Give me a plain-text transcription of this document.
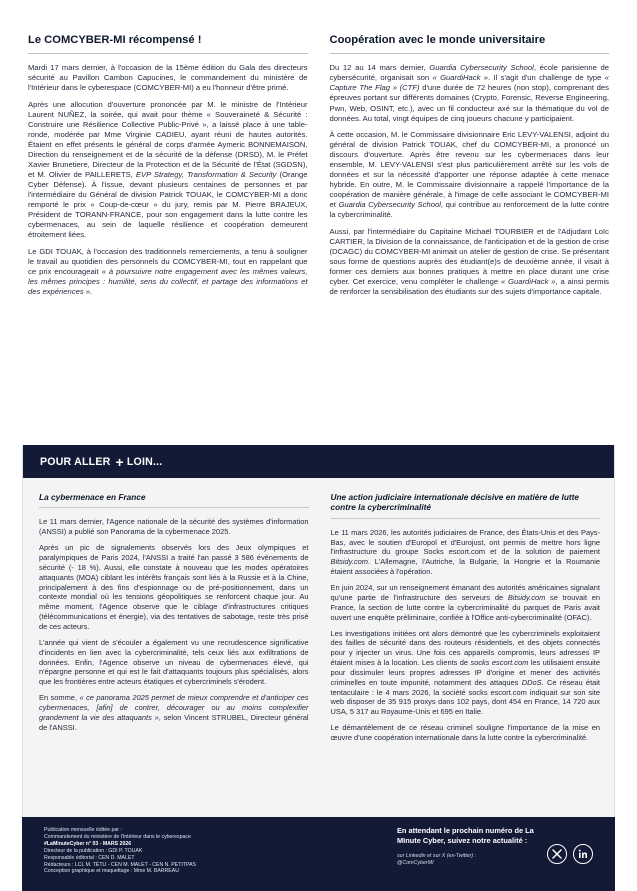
Le COMCYBER-MI récompensé !

Mardi 17 mars dernier, à l'occasion de la 15ème édition du Gala des directeurs sécurité au Pavillon Cambon Capucines, le commandement du ministère de l'Intérieur dans le cyberespace (COMCYBER-MI) a eu l'honneur d'être primé.

Après une allocution d'ouverture prononcée par M. le ministre de l'Intérieur Laurent NUÑEZ, la soirée, qui avait pour thème « Souveraineté & Sécurité : Construire une Résilience Collective Public-Privé », a laissé place à une table-ronde, modérée par Mme Virginie CADIEU, ayant réuni de hautes autorités. Étaient en effet présents le général de corps d'armée Aymeric BONNEMAISON, Direction du renseignement et de la sécurité de la défense (DRSD), M. le Préfet Xavier Brunetiere, Directeur de la Protection et de la Sécurité de l'État (SGDSN), et M. Olivier de PAILLERETS, EVP Strategy, Transformation & Security (Orange Cyber Défense). À l'issue, devant plusieurs centaines de personnes et par l'intermédiaire du Général de division Patrick TOUAK, le COMCYBER-MI a donc remporté le prix « Coup-de-cœur » du jury, remis par M. Pierre BRAJEUX, Président de TORANN-FRANCE, pour son engagement dans la lutte contre les cybermenaces, au sein de laquelle résilience et coopération demeurent étroitement liées.

Le GDI TOUAK, à l'occasion des traditionnels remerciements, a tenu à souligner le travail au quotidien des personnels du COMCYBER-MI, tout en rappelant que ce prix encourageait « à poursuivre notre engagement avec les mêmes valeurs, les mêmes principes : humilité, sens du collectif, et partage des informations et des expériences ».

Coopération avec le monde universitaire

Du 12 au 14 mars dernier, Guardia Cybersecurity School, école parisienne de cybersécurité, organisait son « GuardiHack ». Il s'agit d'un challenge de type « Capture The Flag » (CTF) d'une durée de 72 heures (non stop), comprenant des épreuves portant sur différents domaines (Crypto, Forensic, Reverse Engineering, Pwn, Web, OSINT, etc.), avec un fil conducteur axé sur la thématique du vol de données. Au total, vingt équipes de cinq joueurs chacune y participaient.

À cette occasion, M. le Commissaire divisionnaire Eric LEVY-VALENSI, adjoint du général de division Patrick TOUAK, chef du COMCYBER-MI, a prononcé un discours d'ouverture. Après être revenu sur les cybermenaces dans leur ensemble, M. LEVY-VALENSI s'est plus particulièrement arrêté sur les vols de données et sur la nécessité d'apporter une réponse adaptée à cette menace hybride. En outre, M. le Commissaire divisionnaire a rappelé l'importance de la coopération de manière générale, à l'image de celle associant le COMCYBER-MI et Guardia Cybersecurity School, qui contribue au renforcement de la lutte contre la cybercriminalité.

Aussi, par l'intermédiaire du Capitaine Michaël TOURBIER et de l'Adjudant Loïc CARTIER, la Division de la connaissance, de l'anticipation et de la gestion de crise (DCAGC) du COMCYBER-MI animait un atelier de gestion de crise. Se présentant sous forme de questions auprès des étudiant(e)s de deuxième année, il visait à former ces derniers aux bonnes pratiques à mettre en place durant une crise cyber. Cet exercice, venu compléter le challenge « GuardiHack », a ainsi permis de renforcer la sensibilisation des étudiants sur des sujets d'importance capitale.

POUR ALLER + LOIN...
La cybermenace en France

Le 11 mars dernier, l'Agence nationale de la sécurité des systèmes d'information (ANSSI) a publié son Panorama de la cybermenace 2025.

Après un pic de signalements observés lors des Jeux olympiques et paralympiques de Paris 2024, l'ANSSI a traité l'an passé 3 586 événements de sécurité (- 18 %). Aussi, elle constate à nouveau que les modes opératoires attaquants (MOA) ciblant les intérêts français sont liés à la Russie et à la Chine, principalement à des fins d'espionnage ou de pré-positionnement, dans un contexte mondial où les tensions géopolitiques se renforcent chaque jour. Au même moment, l'Agence observe que le ciblage d'infrastructures critiques (télécommunications et énergie), via des tentatives de sabotage, reste très prisé de ces acteurs.

L'année qui vient de s'écouler a également vu une recrudescence significative d'incidents en lien avec la cybercriminalité, tels ceux liés aux exfiltrations de données. Enfin, l'Agence observe un niveau de cybermenaces élevé, qui n'épargne personne et qui est le fait d'attaquants toujours plus spécialisés, alors que les frontières entre acteurs étatiques et cybercriminels s'érodent.

En somme, « ce panorama 2025 permet de mieux comprendre et d'anticiper ces cybermenaces, [afin] de contrer, décourager ou au moins complexifier grandement la vie des attaquants », selon Vincent STRUBEL, Directeur général de l'ANSSI.

Une action judiciaire internationale décisive en matière de lutte contre la cybercriminalité

Le 11 mars 2026, les autorités judiciaires de France, des États-Unis et des Pays-Bas, avec le soutien d'Europol et d'Eurojust, ont permis de mettre hors ligne l'infrastructure du groupe Socks escort.com et de la solution de paiement Bitsidy.com. L'Allemagne, l'Autriche, la Bulgarie, la Hongrie et la Roumanie étaient associées à l'opération.

En juin 2024, sur un renseignement émanant des autorités américaines signalant qu'une partie de l'infrastructure des serveurs de Bitsidy.com se trouvait en France, la section de lutte contre la cybercriminalité du parquet de Paris avait ouvert une enquête préliminaire, confiée à l'Office anti-cybercriminalité (OFAC).

Les investigations initiées ont alors démontré que les cybercriminels exploitaient des failles de sécurité dans des routeurs résidentiels, et des objets connectés pour y injecter un virus. Une fois ces appareils compromis, leurs adresses IP étaient mises à la location. Les clients de socks escort.com les utilisaient ensuite pour dissimuler leurs propres adresses IP d'origine et mener des activités criminelles en toute impunité, notamment des attaques DDoS. Ce réseau était tentaculaire : le 4 mars 2026, la société socks escort.com indiquait sur son site web disposer de 35 915 proxys dans 102 pays, dont 454 en France, 14 720 aux USA, 5 317 au Royaume-Unis et 695 en Italie.

Le démantèlement de ce réseau criminel souligne l'importance de la mise en œuvre d'une coopération internationale dans la lutte contre la cybercriminalité.

Publication mensuelle éditée par :
Commandement du ministère de l'Intérieur dans le cyberespace
#LaMinuteCyber n° 03 - MARS 2026
Directeur de la publication : GDI P. TOUAK
Responsable éditorial : CEN D. MALET
Rédacteurs : LCL M. TÉTU - CEN M. MALET - CEN N. PETITPAS
Conception graphique et maquettage : Mme M. BARREAU
En attendant le prochain numéro de La MInute Cyber, suivez notre actualité :
sur Linkedin et sur X (ex-Twitter) :
@ComCyberMI
